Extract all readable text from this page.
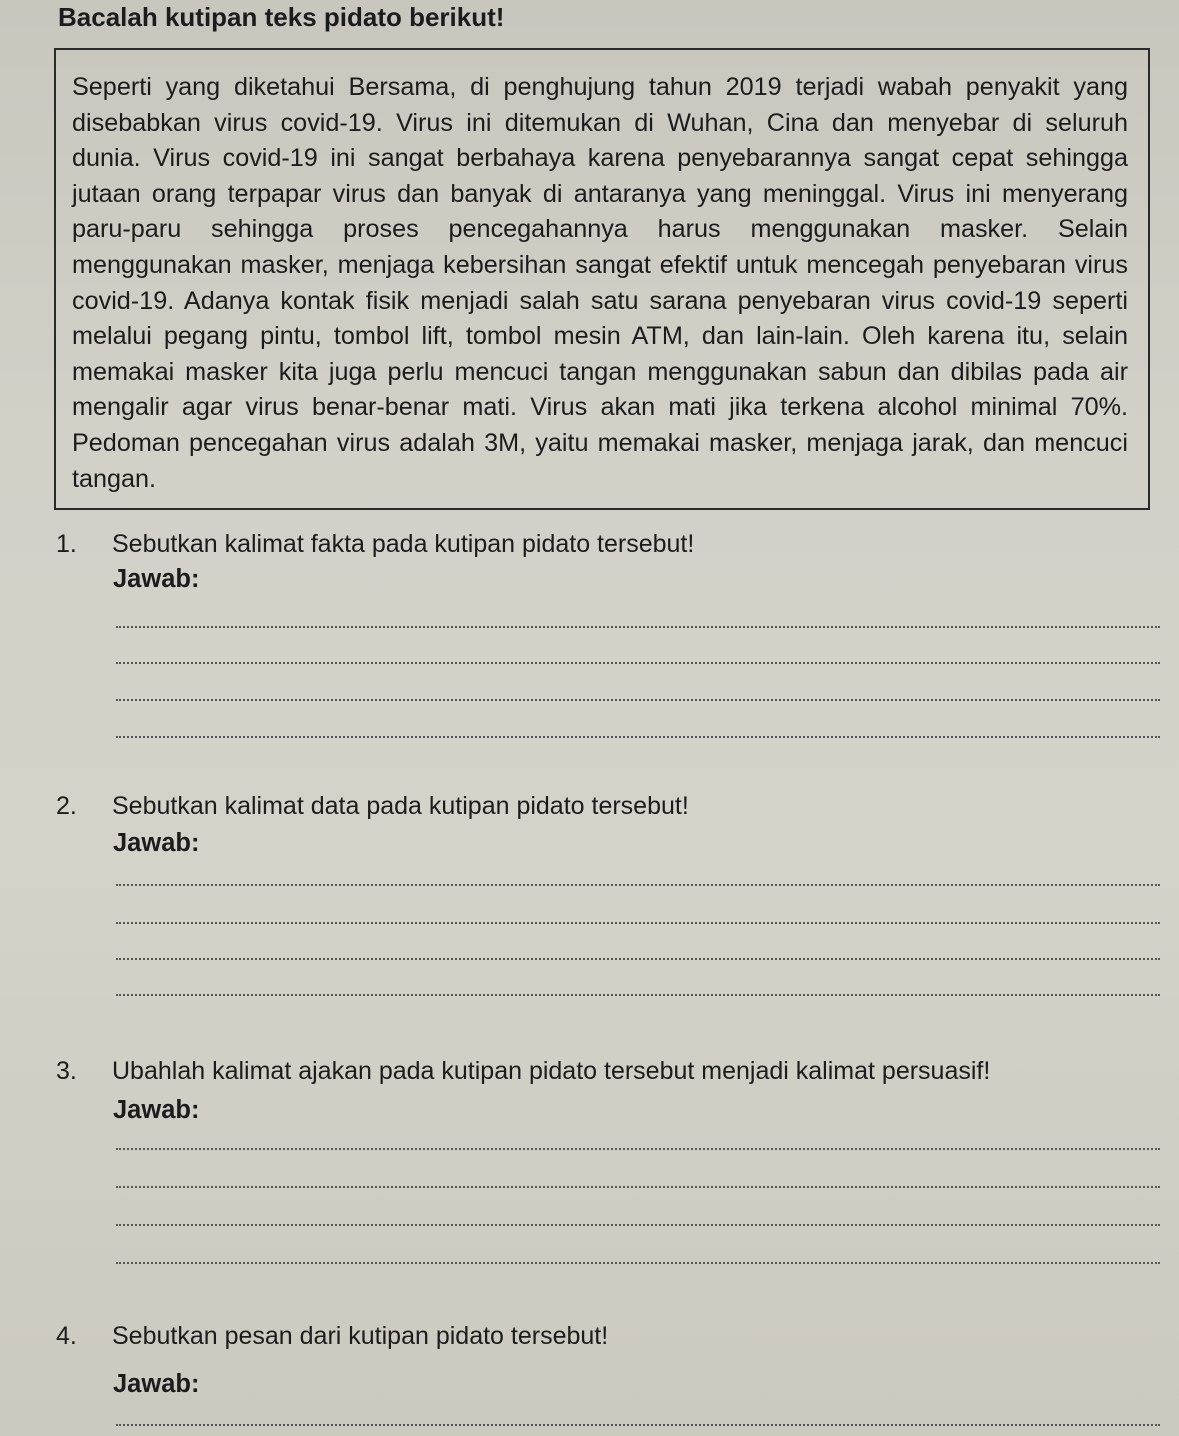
Bacalah kutipan teks pidato berikut!

Seperti yang diketahui Bersama, di penghujung tahun 2019 terjadi wabah penyakit yang disebabkan virus covid-19. Virus ini ditemukan di Wuhan, Cina dan menyebar di seluruh dunia. Virus covid-19 ini sangat berbahaya karena penyebarannya sangat cepat sehingga jutaan orang terpapar virus dan banyak di antaranya yang meninggal. Virus ini menyerang paru-paru sehingga proses pencegahannya harus menggunakan masker. Selain menggunakan masker, menjaga kebersihan sangat efektif untuk mencegah penyebaran virus covid-19. Adanya kontak fisik menjadi salah satu sarana penyebaran virus covid-19 seperti melalui pegang pintu, tombol lift, tombol mesin ATM, dan lain-lain. Oleh karena itu, selain memakai masker kita juga perlu mencuci tangan menggunakan sabun dan dibilas pada air mengalir agar virus benar-benar mati. Virus akan mati jika terkena alcohol minimal 70%. Pedoman pencegahan virus adalah 3M, yaitu memakai masker, menjaga jarak, dan mencuci tangan.

1. Sebutkan kalimat fakta pada kutipan pidato tersebut!
Jawab:
2. Sebutkan kalimat data pada kutipan pidato tersebut!
Jawab:
3. Ubahlah kalimat ajakan pada kutipan pidato tersebut menjadi kalimat persuasif!
Jawab:
4. Sebutkan pesan dari kutipan pidato tersebut!
Jawab:
